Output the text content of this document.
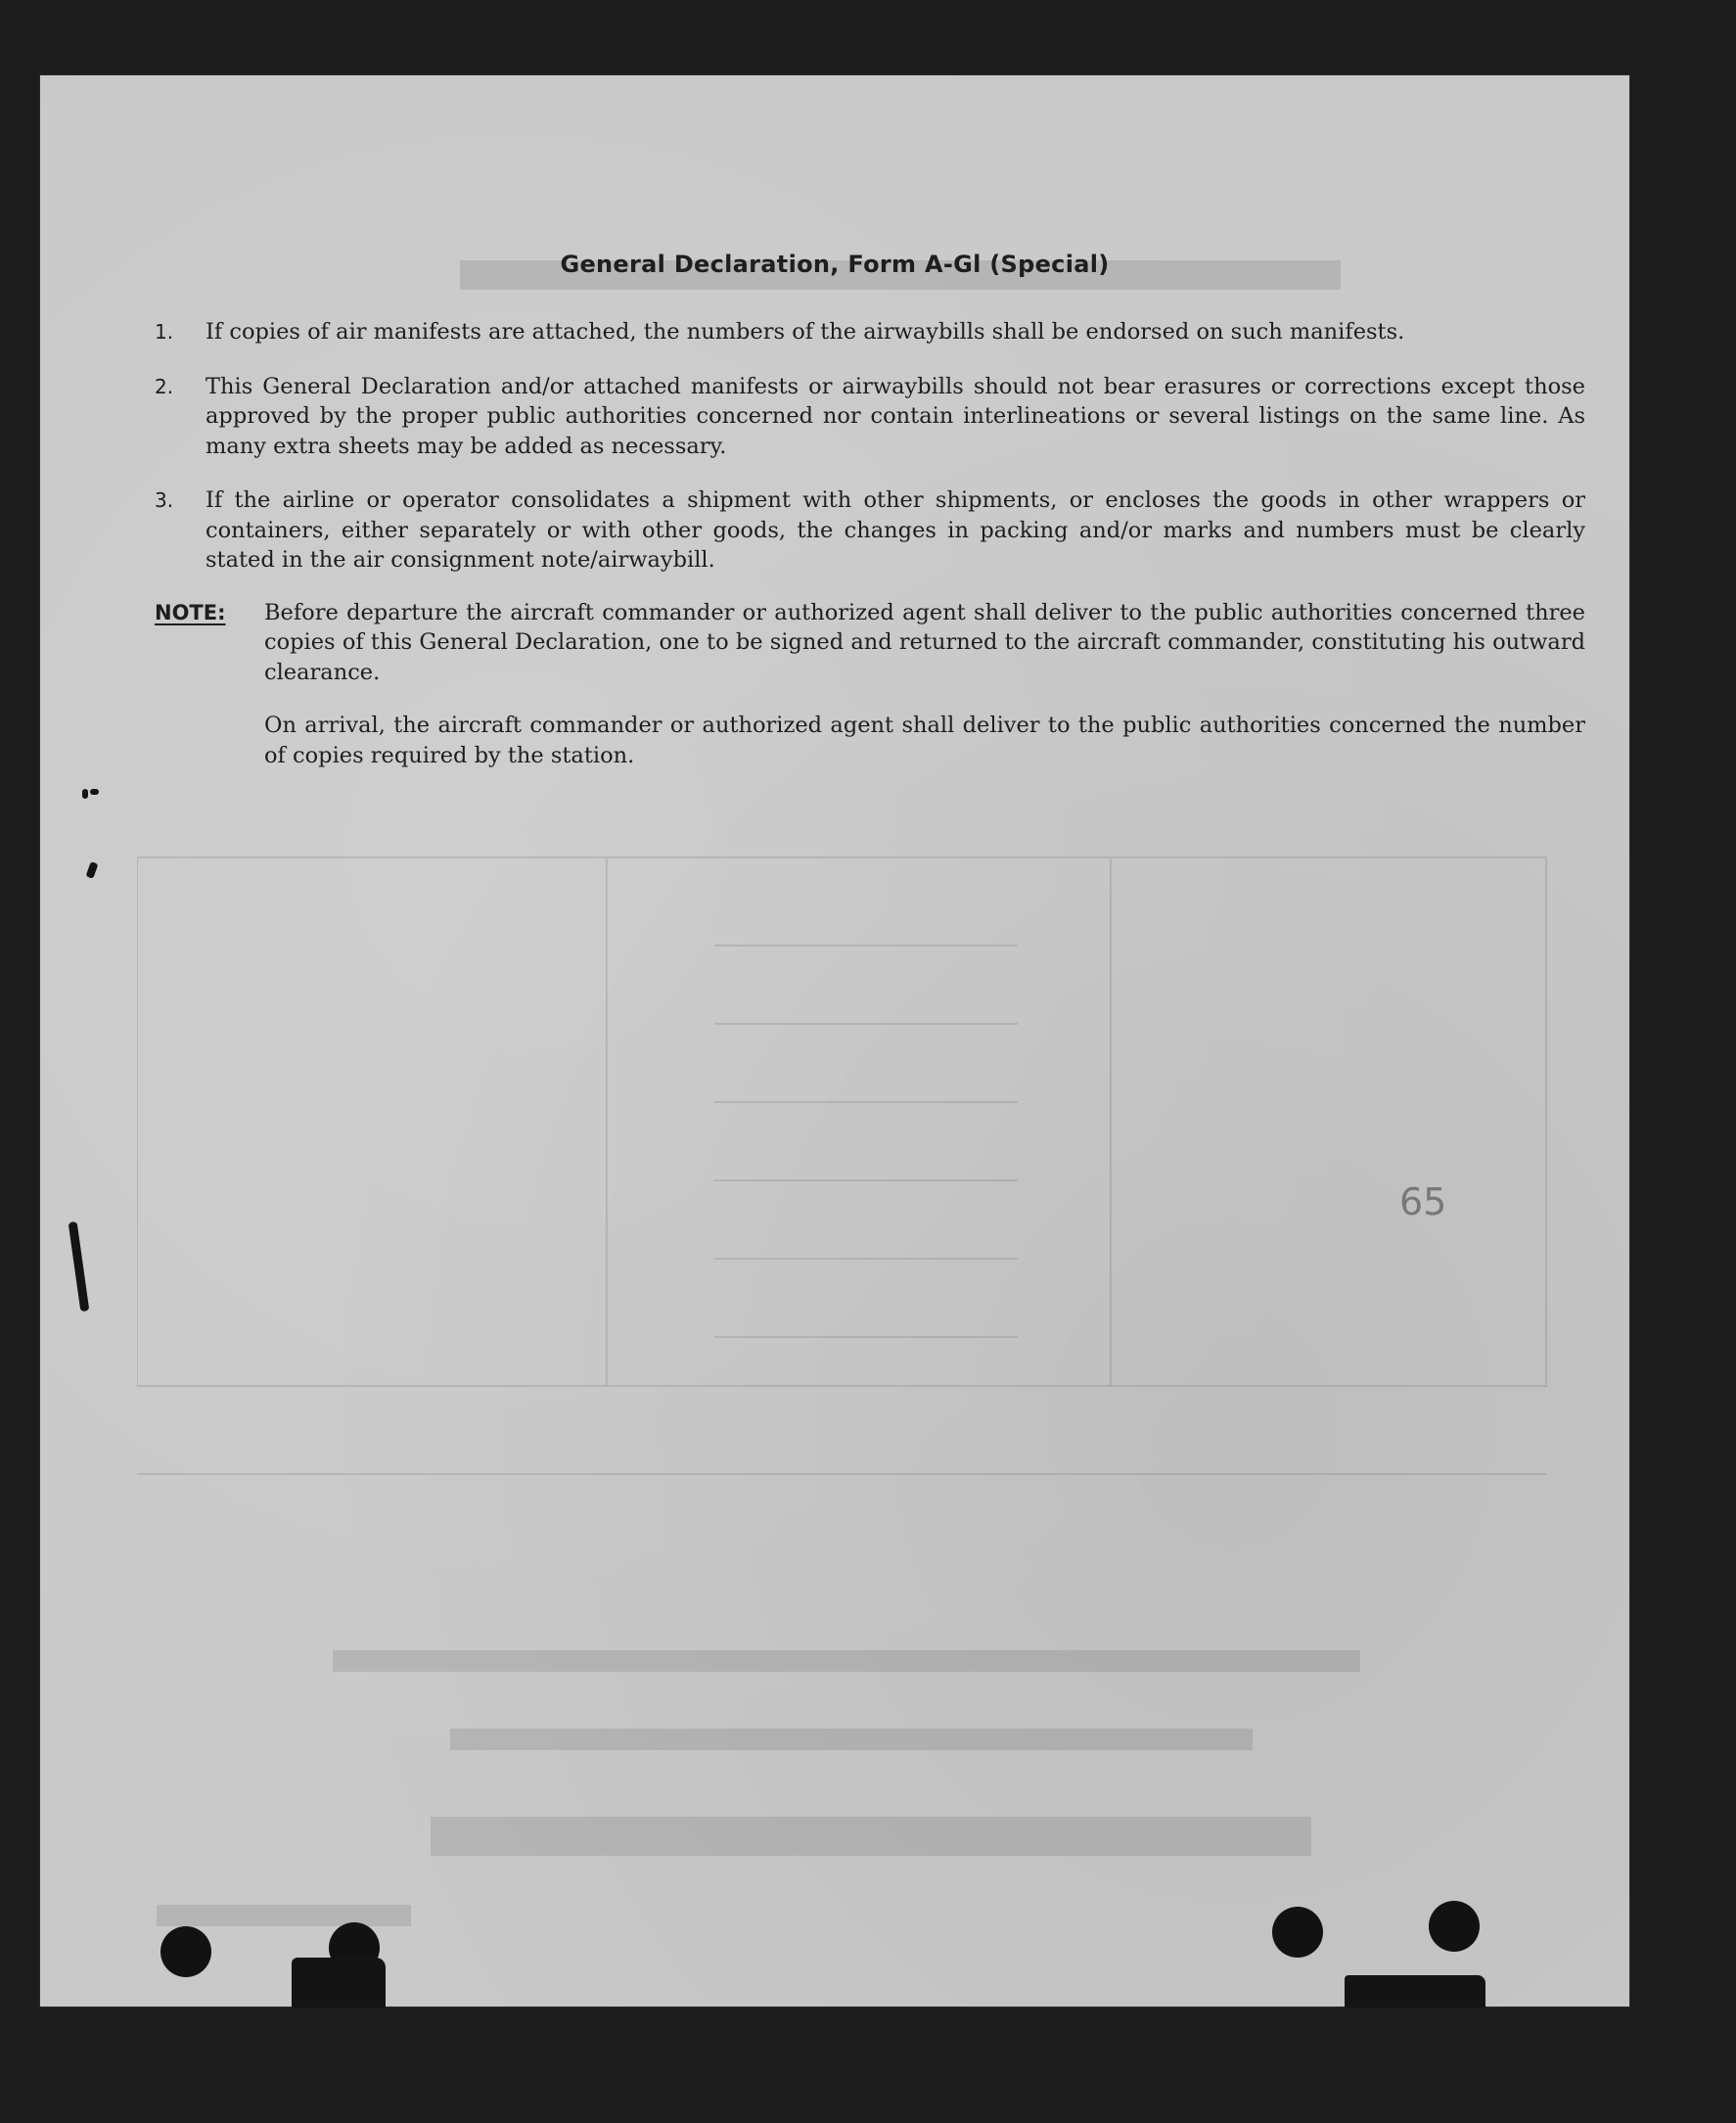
General Declaration, Form A-Gl (Special)
1.	If copies of air manifests are attached, the numbers of the airwaybills shall be endorsed on such manifests.
2.	This General Declaration and/or attached manifests or airwaybills should not bear erasures or corrections except those approved by the proper public authorities concerned nor contain interlineations or several listings on the same line. As many extra sheets may be added as necessary.
3.	If the airline or operator consolidates a shipment with other shipments, or encloses the goods in other wrappers or containers, either separately or with other goods, the changes in packing and/or marks and numbers must be clearly stated in the air consignment note/airwaybill.
NOTE:	Before departure the aircraft commander or authorized agent shall deliver to the public authorities concerned three copies of this General Declaration, one to be signed and returned to the aircraft commander, constituting his outward clearance.

On arrival, the aircraft commander or authorized agent shall deliver to the public authorities concerned the number of copies required by the station.

65
